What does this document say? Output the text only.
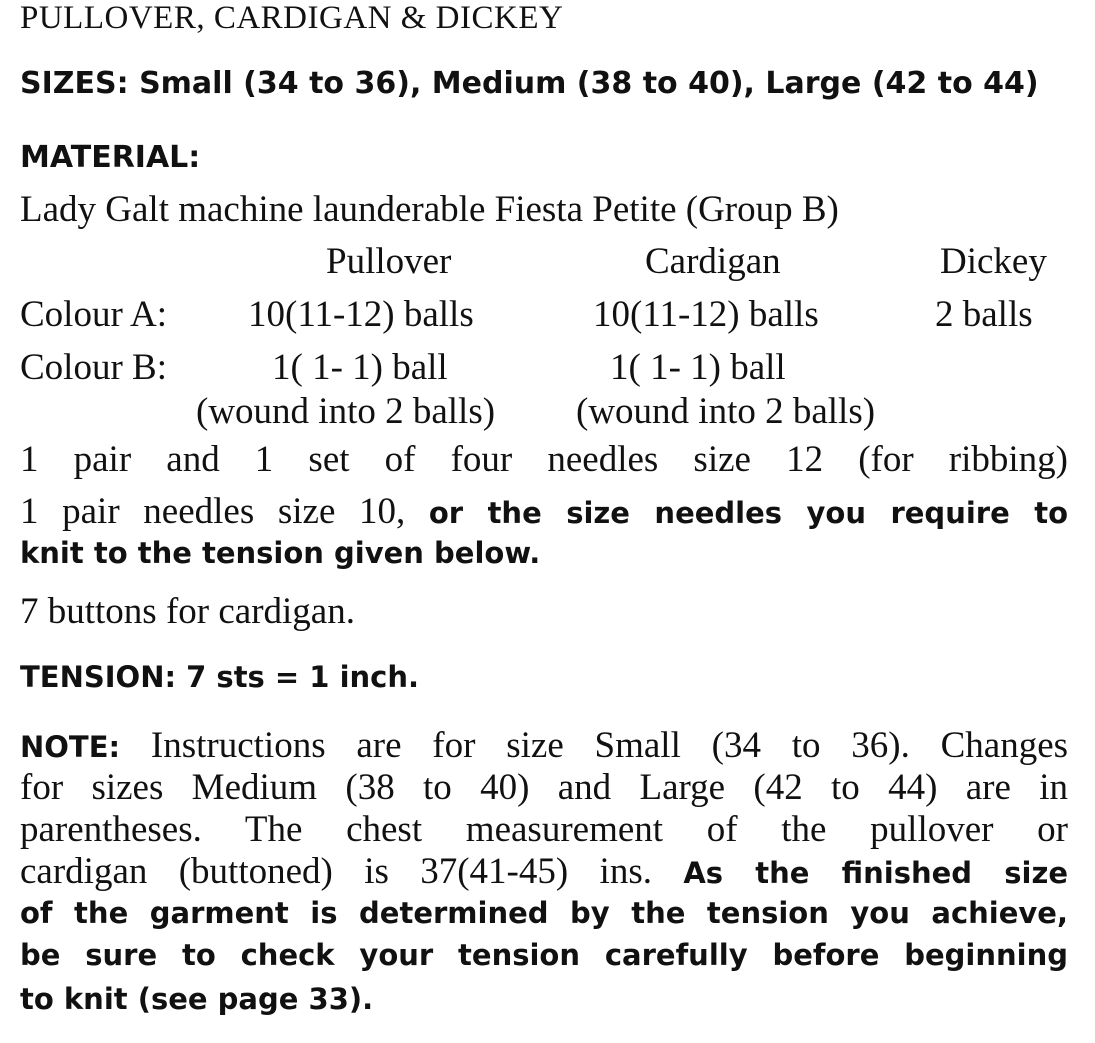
PULLOVER, CARDIGAN & DICKEY
SIZES: Small (34 to 36), Medium (38 to 40), Large (42 to 44)
MATERIAL:
Lady Galt machine launderable Fiesta Petite (Group B)
Pullover	Cardigan	Dickey
Colour A: 10(11-12) balls	10(11-12) balls	2 balls
Colour B:	1( 1- 1) ball	1( 1- 1) ball
(wound into 2 balls) (wound into 2 balls)
1 pair and 1 set of four needles size 12 (for ribbing)
1 pair needles size 10, or the size needles you require to
knit to the tension given below.
7 buttons for cardigan.
TENSION: 7 sts = 1 inch.
NOTE: Instructions are for size Small (34 to 36). Changes
for sizes Medium (38 to 40) and Large (42 to 44) are in
parentheses. The chest measurement of the pullover or
cardigan (buttoned) is 37(41-45) ins. As the finished size
of the garment is determined by the tension you achieve,
be sure to check your tension carefully before beginning
to knit (see page 33).
